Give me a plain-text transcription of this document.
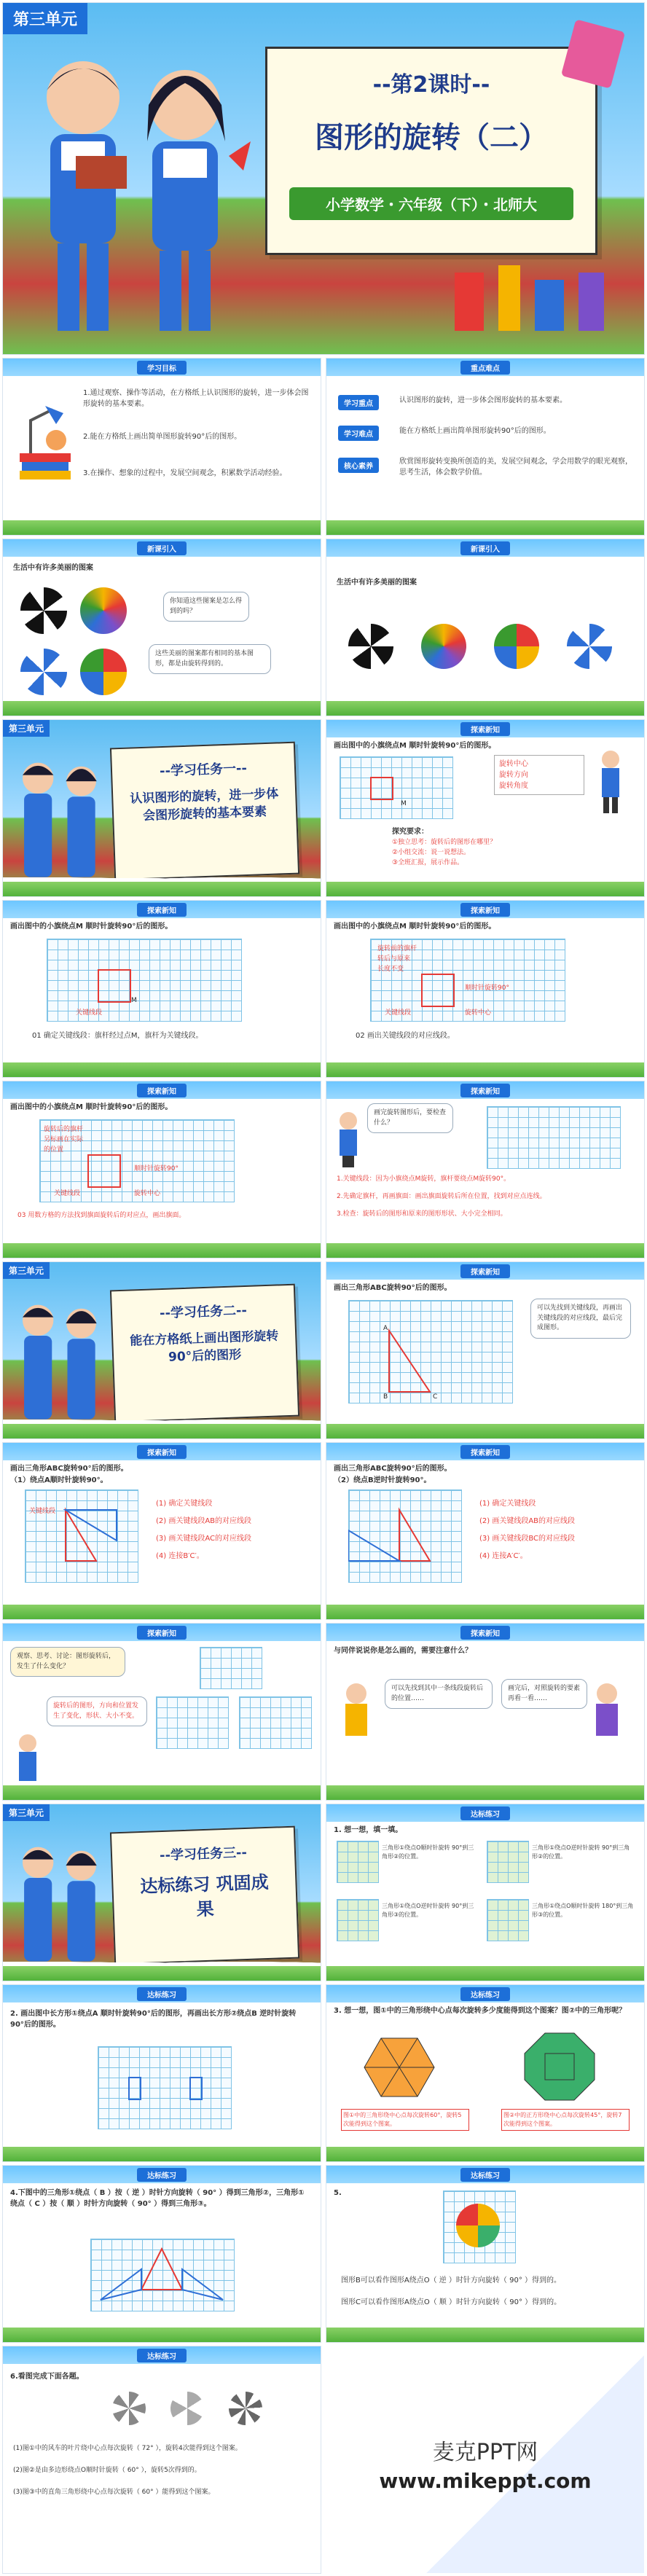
第三单元
--第2课时--
图形的旋转（二）
小学数学・六年级（下）・北师大
学习目标
1.通过观察、操作等活动，在方格纸上认识图形的旋转，进一步体会图形旋转的基本要素。
2.能在方格纸上画出简单图形旋转90°后的图形。
3.在操作、想象的过程中，发展空间观念，积累数学活动经验。
重点难点
学习重点	认识图形的旋转，进一步体会图形旋转的基本要素。
学习难点	能在方格纸上画出简单图形旋转90°后的图形。
核心素养
欣赏图形旋转变换所创造的美，发展空间观念，学会用数学的眼光观察，思考生活，体会数学价值。
新课引入
生活中有许多美丽的图案
你知道这些图案是怎么得到的吗？
这些美丽的图案都有相同的基本图形，都是由旋转得到的。
新课引入
生活中有许多美丽的图案
第三单元
--学习任务一--
认识图形的旋转，进一步体会图形旋转的基本要素
探索新知
画出图中的小旗绕点M 顺时针旋转90°后的图形。
M
旋转中心
旋转方向
旋转角度
探究要求：
①独立思考：旋转后的图形在哪里？
②小组交流：说一说想法。
③全班汇报，展示作品。
探索新知
画出图中的小旗绕点M 顺时针旋转90°后的图形。
M
关键线段
01 确定关键线段：旗杆经过点M，旗杆为关键线段。
探索新知
画出图中的小旗绕点M 顺时针旋转90°后的图形。
旋转前的旗杆
转后与原来
长度不变
关键线段
顺时针旋转90°
旋转中心
02 画出关键线段的对应线段。
探索新知
画出图中的小旗绕点M 顺时针旋转90°后的图形。
旋转后的旗杆
另标画在实际
的位置
关键线段
顺时针旋转90°
旋转中心
03 用数方格的方法找到旗面旋转后的对应点，画出旗面。
探索新知
画完旋转图形后，要检查什么？
1.关键线段：因为小旗绕点M旋转，旗杆要绕点M旋转90°。
2.先确定旗杆，再画旗面：画出旗面旋转后所在位置，找到对应点连线。
3.检查：旋转后的图形和原来的图形形状、大小完全相同。
第三单元
--学习任务二--
能在方格纸上画出图形旋转90°后的图形
探索新知
画出三角形ABC旋转90°后的图形。
A
B	C
可以先找到关键线段，再画出关键线段的对应线段，最后完成图形。
探索新知
画出三角形ABC旋转90°后的图形。
（1）绕点A顺时针旋转90°。
关键线段
(1) 确定关键线段
(2) 画关键线段AB的对应线段
(3) 画关键线段AC的对应线段
(4) 连接B′C′。
探索新知
画出三角形ABC旋转90°后的图形。
（2）绕点B逆时针旋转90°。
(1) 确定关键线段
(2) 画关键线段AB的对应线段
(3) 画关键线段BC的对应线段
(4) 连接A′C′。
探索新知
观察、思考、讨论：图形旋转后，发生了什么变化？
旋转后的图形，方向和位置发生了变化，形状、大小不变。
探索新知
与同伴说说你是怎么画的，需要注意什么？
可以先找到其中一条线段旋转后的位置……
画完后，对照旋转的要素再看一看……
第三单元
--学习任务三--
达标练习 巩固成果
达标练习
1. 想一想，填一填。
三角形①绕点O顺时针旋转 90°到三角形②的位置。
三角形①绕点O逆时针旋转 90°到三角形②的位置。
三角形①绕点O逆时针旋转 90°到三角形③的位置。
三角形①绕点O顺时针旋转 180°到三角形③的位置。
达标练习
2. 画出图中长方形①绕点A 顺时针旋转90°后的图形，再画出长方形②绕点B 逆时针旋转90°后的图形。
达标练习
3. 想一想，图①中的三角形绕中心点每次旋转多少度能得到这个图案？图②中的三角形呢？
图①中的三角形绕中心点每次旋转60°，旋转5次能得到这个图案。
图②中的正方形绕中心点每次旋转45°，旋转7次能得到这个图案。
达标练习
4.下图中的三角形①绕点（ B ）按（ 逆 ）时针方向旋转（ 90° ）得到三角形②，三角形①绕点（ C ）按（ 顺 ）时针方向旋转（ 90° ）得到三角形③。
达标练习
5.
图形B可以看作图形A绕点O（ 逆 ）时针方向旋转（ 90° ）得到的。
图形C可以看作图形A绕点O（ 顺 ）时针方向旋转（ 90° ）得到的。
达标练习
6.看图完成下面各题。
(1)图①中的风车的叶片绕中心点每次旋转（ 72° ），旋转4次能得到这个图案。
(2)图②是由多边形绕点O顺时针旋转（ 60° ），旋转5次得到的。
(3)图③中的直角三角形绕中心点每次旋转（ 60° ）能得到这个图案。
麦克PPT网
www.mikeppt.com
